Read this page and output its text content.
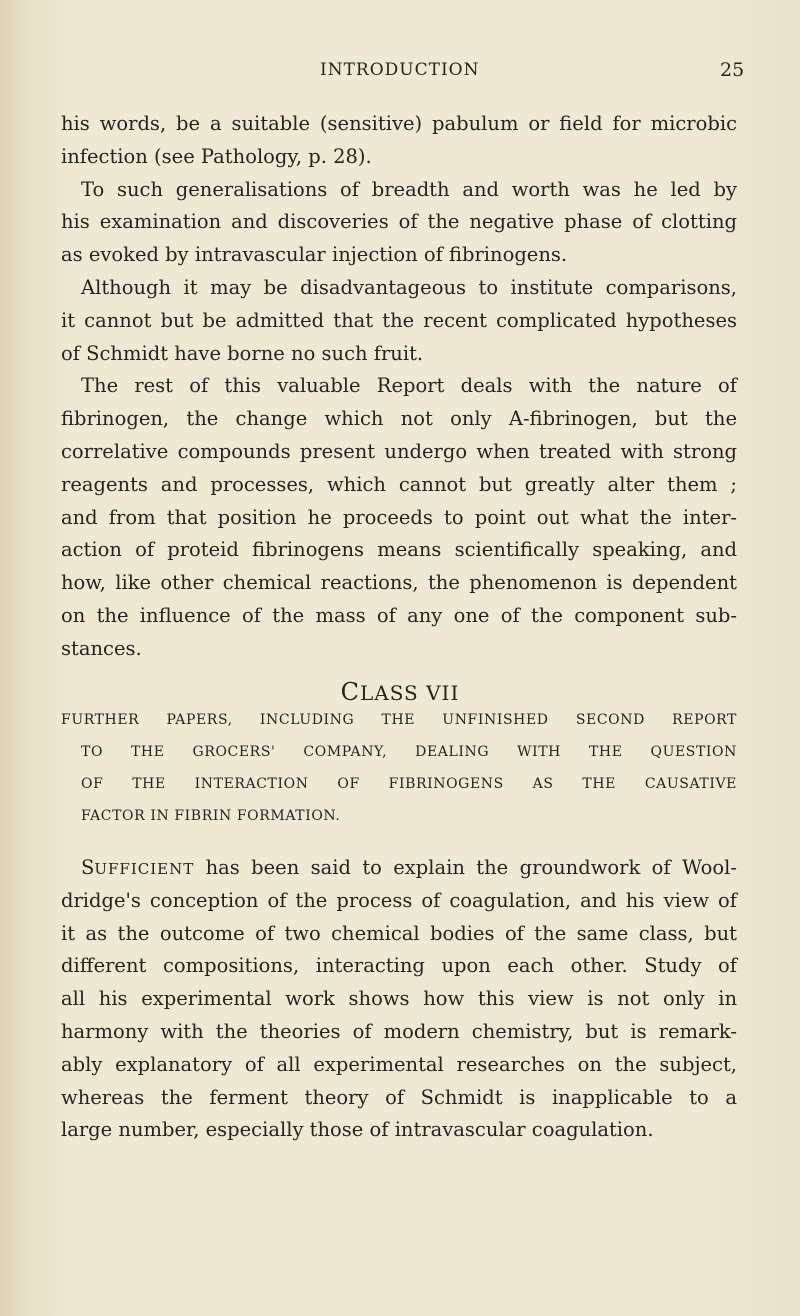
INTRODUCTION	25
his words, be a suitable (sensitive) pabulum or field for microbic
infection (see Pathology, p. 28).
To such generalisations of breadth and worth was he led by
his examination and discoveries of the negative phase of clotting
as evoked by intravascular injection of fibrinogens.
Although it may be disadvantageous to institute comparisons,
it cannot but be admitted that the recent complicated hypotheses
of Schmidt have borne no such fruit.
The rest of this valuable Report deals with the nature of
fibrinogen, the change which not only A-fibrinogen, but the
correlative compounds present undergo when treated with strong
reagents and processes, which cannot but greatly alter them ;
and from that position he proceeds to point out what the inter-
action of proteid fibrinogens means scientifically speaking, and
how, like other chemical reactions, the phenomenon is dependent
on the influence of the mass of any one of the component sub-
stances.
CLASS VII
FURTHER PAPERS, INCLUDING THE UNFINISHED SECOND REPORT
TO THE GROCERS' COMPANY, DEALING WITH THE QUESTION
OF THE INTERACTION OF FIBRINOGENS AS THE CAUSATIVE
FACTOR IN FIBRIN FORMATION.
SUFFICIENT has been said to explain the groundwork of Wool-
dridge's conception of the process of coagulation, and his view of
it as the outcome of two chemical bodies of the same class, but
different compositions, interacting upon each other. Study of
all his experimental work shows how this view is not only in
harmony with the theories of modern chemistry, but is remark-
ably explanatory of all experimental researches on the subject,
whereas the ferment theory of Schmidt is inapplicable to a
large number, especially those of intravascular coagulation.
